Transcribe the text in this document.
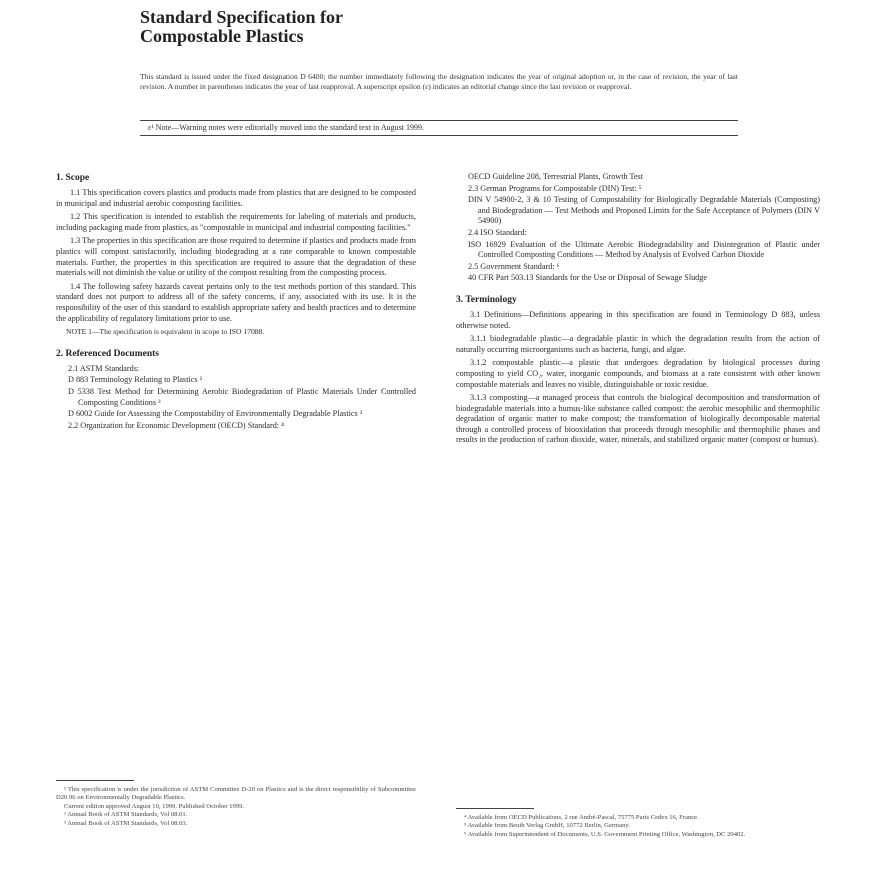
Standard Specification for
Compostable Plastics
This standard is issued under the fixed designation D 6400; the number immediately following the designation indicates the year of original adoption or, in the case of revision, the year of last revision. A number in parentheses indicates the year of last reapproval. A superscript epsilon (ε) indicates an editorial change since the last revision or reapproval.
ε¹ Note—Warning notes were editorially moved into the standard text in August 1999.
1. Scope

1.1 This specification covers plastics and products made from plastics that are designed to be composted in municipal and industrial aerobic composting facilities.

1.2 This specification is intended to establish the requirements for labeling of materials and products, including packaging made from plastics, as "compostable in municipal and industrial composting facilities."

1.3 The properties in this specification are those required to determine if plastics and products made from plastics will compost satisfactorily, including biodegrading at a rate comparable to known compostable materials. Further, the properties in this specification are required to assure that the degradation of these materials will not diminish the value or utility of the compost resulting from the composting process.

1.4 The following safety hazards caveat pertains only to the test methods portion of this standard. This standard does not purport to address all of the safety concerns, if any, associated with its use. It is the responsibility of the user of this standard to establish appropriate safety and health practices and to determine the applicability of regulatory limitations prior to use.

NOTE 1—The specification is equivalent in scope to ISO 17088.

2. Referenced Documents
2.1 ASTM Standards:
D 883 Terminology Relating to Plastics ²
D 5338 Test Method for Determining Aerobic Biodegradation of Plastic Materials Under Controlled Composting Conditions ³
D 6002 Guide for Assessing the Compostability of Environmentally Degradable Plastics ³
2.2 Organization for Economic Development (OECD) Standard: ⁴
OECD Guideline 208, Terrestrial Plants, Growth Test
2.3 German Programs for Compostable (DIN) Test: ⁵
DIN V 54900-2, 3 & 10 Testing of Compostability for Biologically Degradable Materials (Composting) and Biodegradation — Test Methods and Proposed Limits for the Safe Acceptance of Polymers (DIN V 54900)
2.4 ISO Standard:
ISO 16929 Evaluation of the Ultimate Aerobic Biodegradability and Disintegration of Plastic under Controlled Composting Conditions — Method by Analysis of Evolved Carbon Dioxide
2.5 Government Standard: ⁶
40 CFR Part 503.13 Standards for the Use or Disposal of Sewage Sludge
3. Terminology

3.1 Definitions—Definitions appearing in this specification are found in Terminology D 883, unless otherwise noted.

3.1.1 biodegradable plastic—a degradable plastic in which the degradation results from the action of naturally occurring microorganisms such as bacteria, fungi, and algae.

3.1.2 compostable plastic—a plastic that undergoes degradation by biological processes during composting to yield CO₂, water, inorganic compounds, and biomass at a rate consistent with other known compostable materials and leaves no visible, distinguishable or toxic residue.

3.1.3 composting—a managed process that controls the biological decomposition and transformation of biodegradable materials into a humus-like substance called compost: the aerobic mesophilic and thermophilic degradation of organic matter to make compost; the transformation of biologically decomposable material through a controlled process of biooxidation that proceeds through mesophilic and thermophilic phases and results in the production of carbon dioxide, water, minerals, and stabilized organic matter (compost or humus).

¹ This specification is under the jurisdiction of ASTM Committee D-20 on Plastics and is the direct responsibility of Subcommittee D20.96 on Environmentally Degradable Plastics.
Current edition approved August 10, 1999. Published October 1999.
² Annual Book of ASTM Standards, Vol 08.01.
³ Annual Book of ASTM Standards, Vol 08.03.
⁴ Available from OECD Publications, 2 rue André-Pascal, 75775 Paris Cedex 16, France.
⁵ Available from Beuth Verlag GmbH, 10772 Berlin, Germany.
⁶ Available from Superintendent of Documents, U.S. Government Printing Office, Washington, DC 20402.
